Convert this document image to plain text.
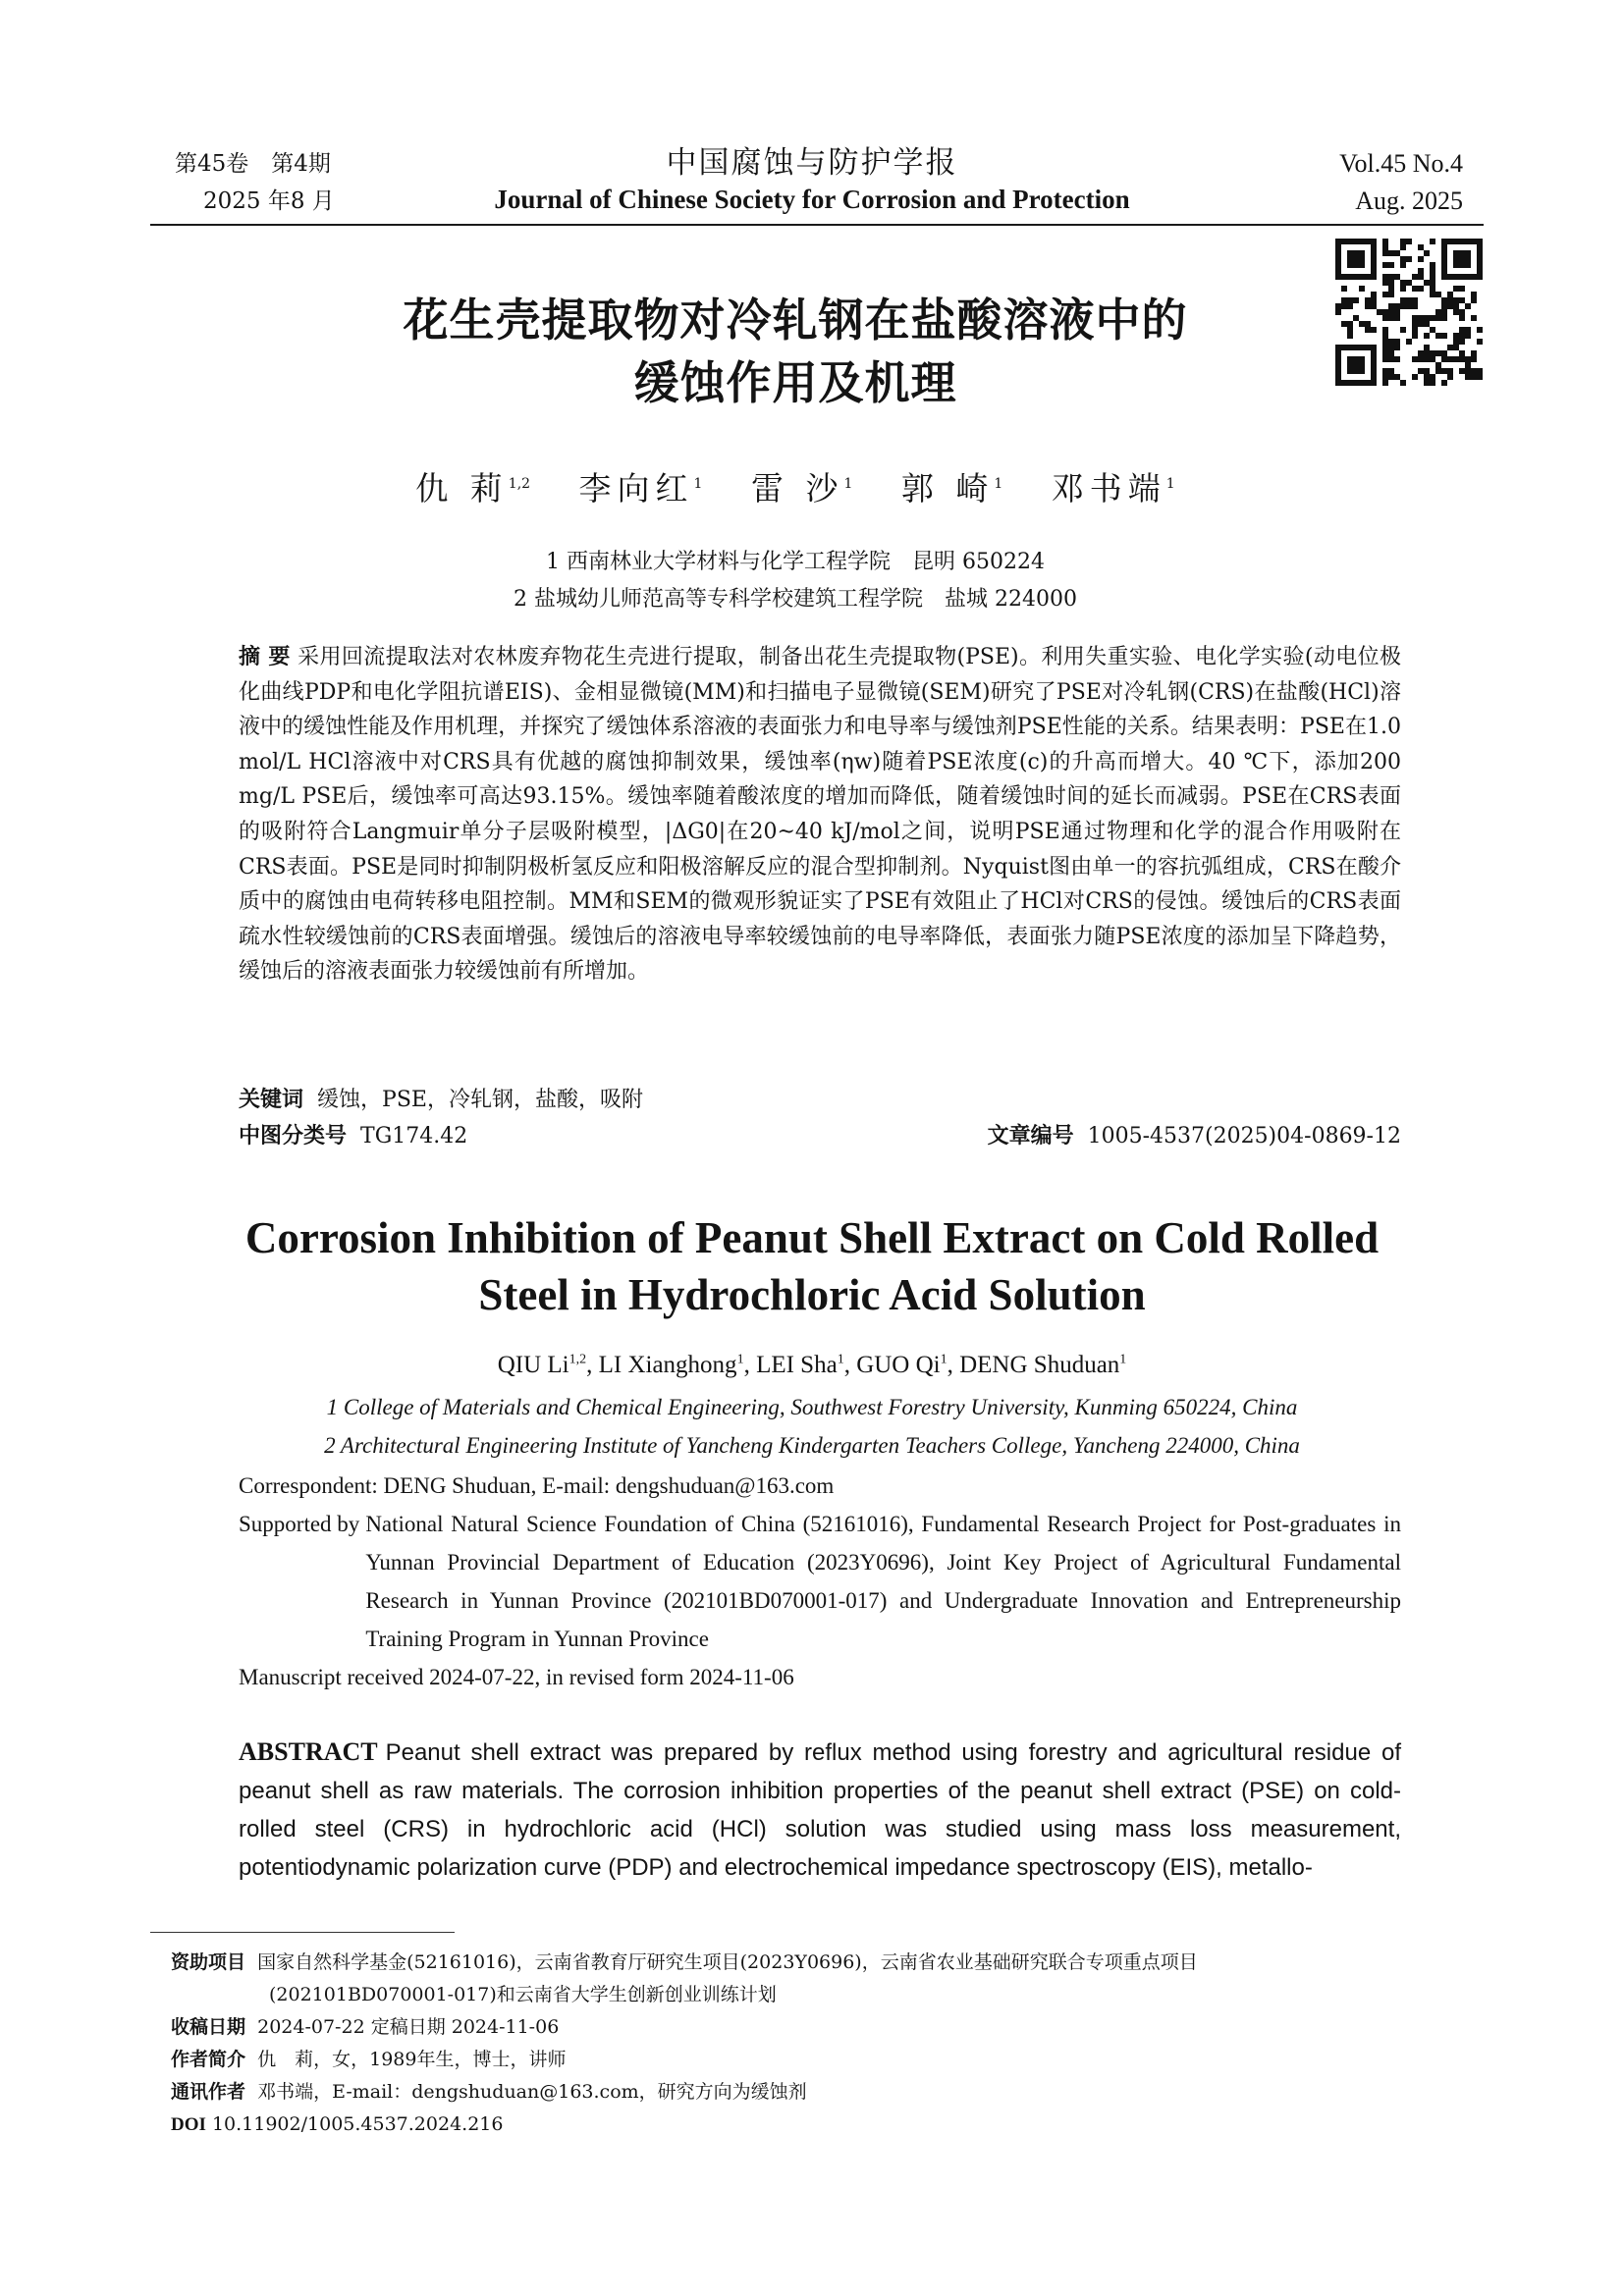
第45卷　第4期
2025 年8 月
中国腐蚀与防护学报
Journal of Chinese Society for Corrosion and Protection
Vol.45 No.4
Aug. 2025
花生壳提取物对冷轧钢在盐酸溶液中的
缓蚀作用及机理
仇 莉$^{1,2}$ 李向红$^1$ 雷 沙$^1$ 郭 崎$^1$ 邓书端$^1$
1 西南林业大学材料与化学工程学院　昆明 650224
2 盐城幼儿师范高等专科学校建筑工程学院　盐城 224000
摘 要 采用回流提取法对农林废弃物花生壳进行提取，制备出花生壳提取物(PSE)。利用失重实验、电化学实验(动电位极化曲线PDP和电化学阻抗谱EIS)、金相显微镜(MM)和扫描电子显微镜(SEM)研究了PSE对冷轧钢(CRS)在盐酸(HCl)溶液中的缓蚀性能及作用机理，并探究了缓蚀体系溶液的表面张力和电导率与缓蚀剂PSE性能的关系。结果表明：PSE在1.0 mol/L HCl溶液中对CRS具有优越的腐蚀抑制效果，缓蚀率(ηw)随着PSE浓度(c)的升高而增大。40 ℃下，添加200 mg/L PSE后，缓蚀率可高达93.15%。缓蚀率随着酸浓度的增加而降低，随着缓蚀时间的延长而减弱。PSE在CRS表面的吸附符合Langmuir单分子层吸附模型，|ΔG0|在20~40 kJ/mol之间，说明PSE通过物理和化学的混合作用吸附在CRS表面。PSE是同时抑制阴极析氢反应和阳极溶解反应的混合型抑制剂。Nyquist图由单一的容抗弧组成，CRS在酸介质中的腐蚀由电荷转移电阻控制。MM和SEM的微观形貌证实了PSE有效阻止了HCl对CRS的侵蚀。缓蚀后的CRS表面疏水性较缓蚀前的CRS表面增强。缓蚀后的溶液电导率较缓蚀前的电导率降低，表面张力随PSE浓度的添加呈下降趋势，缓蚀后的溶液表面张力较缓蚀前有所增加。
关键词 缓蚀，PSE，冷轧钢，盐酸，吸附
中图分类号 TG174.42	文章编号 1005-4537(2025)04-0869-12
Corrosion Inhibition of Peanut Shell Extract on Cold Rolled
Steel in Hydrochloric Acid Solution
QIU Li$^{1,2}$, LI Xianghong$^1$, LEI Sha$^1$, GUO Qi$^1$, DENG Shuduan$^1$
1 College of Materials and Chemical Engineering, Southwest Forestry University, Kunming 650224, China
2 Architectural Engineering Institute of Yancheng Kindergarten Teachers College, Yancheng 224000, China
Correspondent: DENG Shuduan, E-mail: dengshuduan@163.com
Supported by National Natural Science Foundation of China (52161016), Fundamental Research Project for Post-graduates in Yunnan Provincial Department of Education (2023Y0696), Joint Key Project of Agricultural Fundamental Research in Yunnan Province (202101BD070001-017) and Undergraduate Innovation and Entrepreneurship Training Program in Yunnan Province
Manuscript received 2024-07-22, in revised form 2024-11-06
ABSTRACT Peanut shell extract was prepared by reflux method using forestry and agricultural residue of peanut shell as raw materials. The corrosion inhibition properties of the peanut shell extract (PSE) on cold-rolled steel (CRS) in hydrochloric acid (HCl) solution was studied using mass loss measurement, potentiodynamic polarization curve (PDP) and electrochemical impedance spectroscopy (EIS), metallo-
资助项目 国家自然科学基金(52161016)，云南省教育厅研究生项目(2023Y0696)，云南省农业基础研究联合专项重点项目
(202101BD070001-017)和云南省大学生创新创业训练计划
收稿日期 2024-07-22 定稿日期 2024-11-06
作者简介 仇　莉，女，1989年生，博士，讲师
通讯作者 邓书端，E-mail：dengshuduan@163.com，研究方向为缓蚀剂
DOI 10.11902/1005.4537.2024.216
